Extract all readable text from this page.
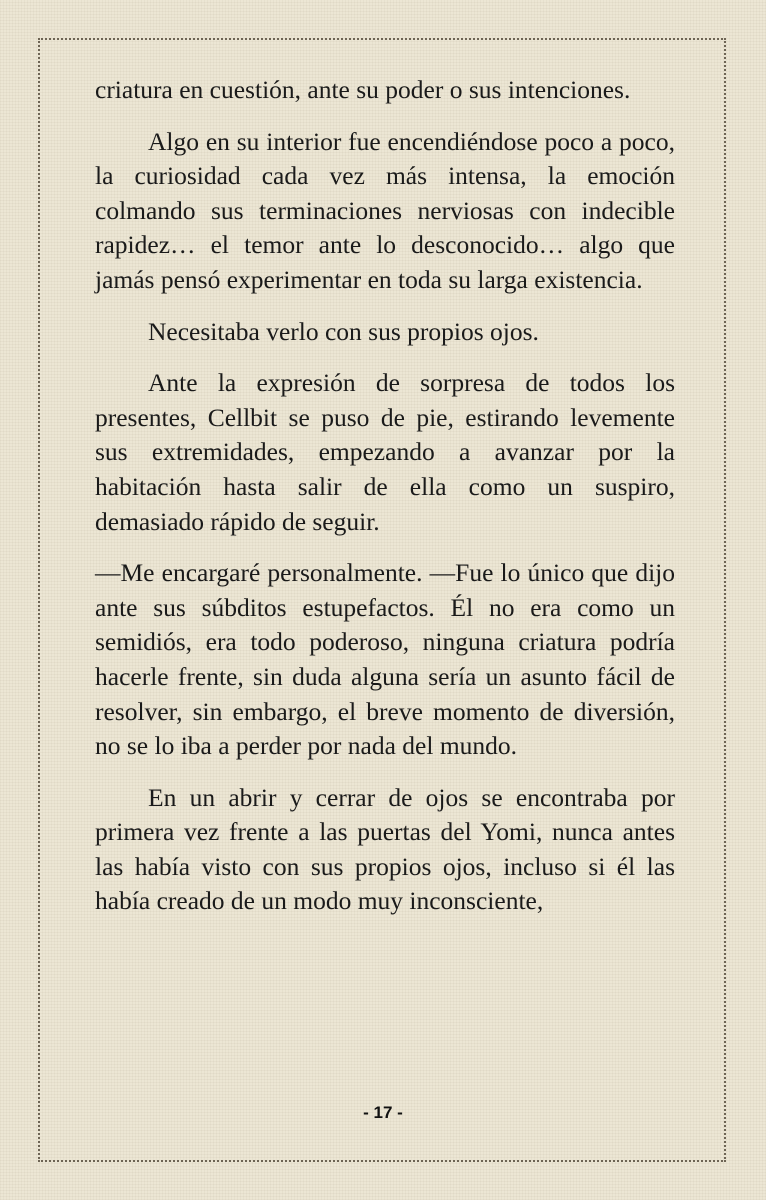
criatura en cuestión, ante su poder o sus intenciones.

Algo en su interior fue encendiéndose poco a poco, la curiosidad cada vez más intensa, la emoción colmando sus terminaciones nerviosas con indecible rapidez… el temor ante lo desconocido… algo que jamás pensó experimentar en toda su larga existencia.

Necesitaba verlo con sus propios ojos.

Ante la expresión de sorpresa de todos los presentes, Cellbit se puso de pie, estirando levemente sus extremidades, empezando a avanzar por la habitación hasta salir de ella como un suspiro, demasiado rápido de seguir.

—Me encargaré personalmente. —Fue lo único que dijo ante sus súbditos estupefactos. Él no era como un semidiós, era todo poderoso, ninguna criatura podría hacerle frente, sin duda alguna sería un asunto fácil de resolver, sin embargo, el breve momento de diversión, no se lo iba a perder por nada del mundo.

En un abrir y cerrar de ojos se encontraba por primera vez frente a las puertas del Yomi, nunca antes las había visto con sus propios ojos, incluso si él las había creado de un modo muy inconsciente,

- 17 -
